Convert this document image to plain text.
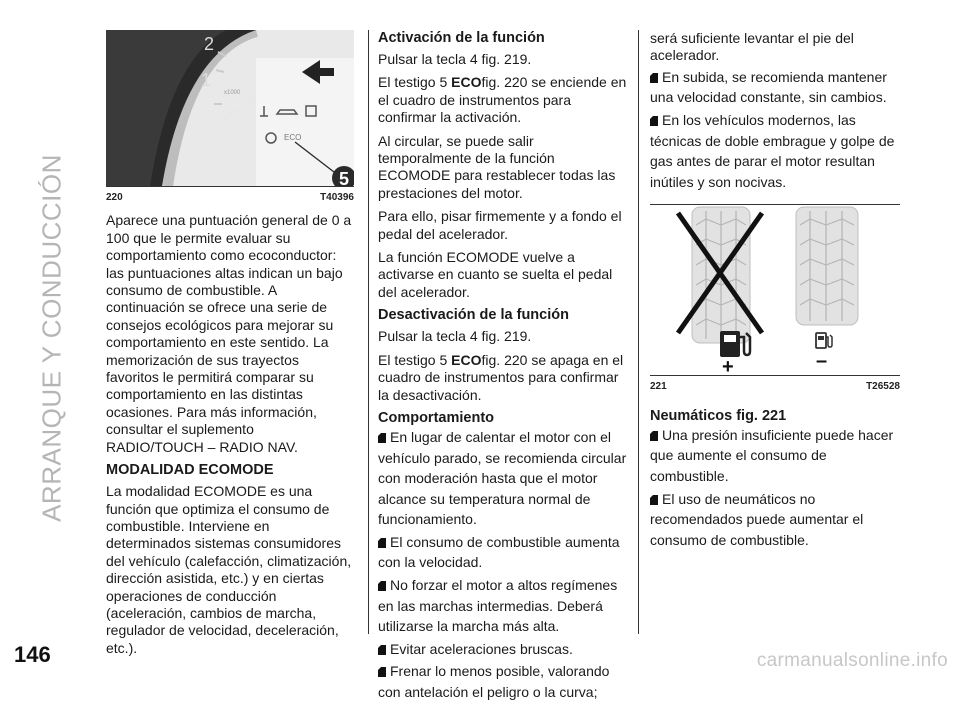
ARRANQUE Y CONDUCCIÓN
146	carmanualsonline.info
2
1
x1000
ECO
5
220	T40396

Aparece una puntuación general de 0 a 100 que le permite evaluar su comportamiento como ecoconductor: las puntuaciones altas indican un bajo consumo de combustible. A continuación se ofrece una serie de consejos ecológicos para mejorar su comportamiento en este sentido. La memorización de sus trayectos favoritos le permitirá comparar su comportamiento en las distintas ocasiones. Para más información, consultar el suplemento RADIO/TOUCH – RADIO NAV.

MODALIDAD ECOMODE

La modalidad ECOMODE es una función que optimiza el consumo de combustible. Interviene en determinados sistemas consumidores del vehículo (calefacción, climatización, dirección asistida, etc.) y en ciertas operaciones de conducción (aceleración, cambios de marcha, regulador de velocidad, deceleración, etc.).

Activación de la función

Pulsar la tecla 4 fig. 219.

El testigo 5 ECOfig. 220 se enciende en el cuadro de instrumentos para confirmar la activación.

Al circular, se puede salir temporalmente de la función ECOMODE para restablecer todas las prestaciones del motor.

Para ello, pisar firmemente y a fondo el pedal del acelerador.

La función ECOMODE vuelve a activarse en cuanto se suelta el pedal del acelerador.

Desactivación de la función

Pulsar la tecla 4 fig. 219.

El testigo 5 ECOfig. 220 se apaga en el cuadro de instrumentos para confirmar la desactivación.

Comportamiento
En lugar de calentar el motor con el vehículo parado, se recomienda circular con moderación hasta que el motor alcance su temperatura normal de funcionamiento.
El consumo de combustible aumenta con la velocidad.
No forzar el motor a altos regímenes en las marchas intermedias. Deberá utilizarse la marcha más alta.
Evitar aceleraciones bruscas.
Frenar lo menos posible, valorando con antelación el peligro o la curva;

será suficiente levantar el pie del acelerador.

En subida, se recomienda mantener una velocidad constante, sin cambios.
En los vehículos modernos, las técnicas de doble embrague y golpe de gas antes de parar el motor resultan inútiles y son nocivas.
+	–
221	T26528
Neumáticos fig. 221
Una presión insuficiente puede hacer que aumente el consumo de combustible.
El uso de neumáticos no recomendados puede aumentar el consumo de combustible.
